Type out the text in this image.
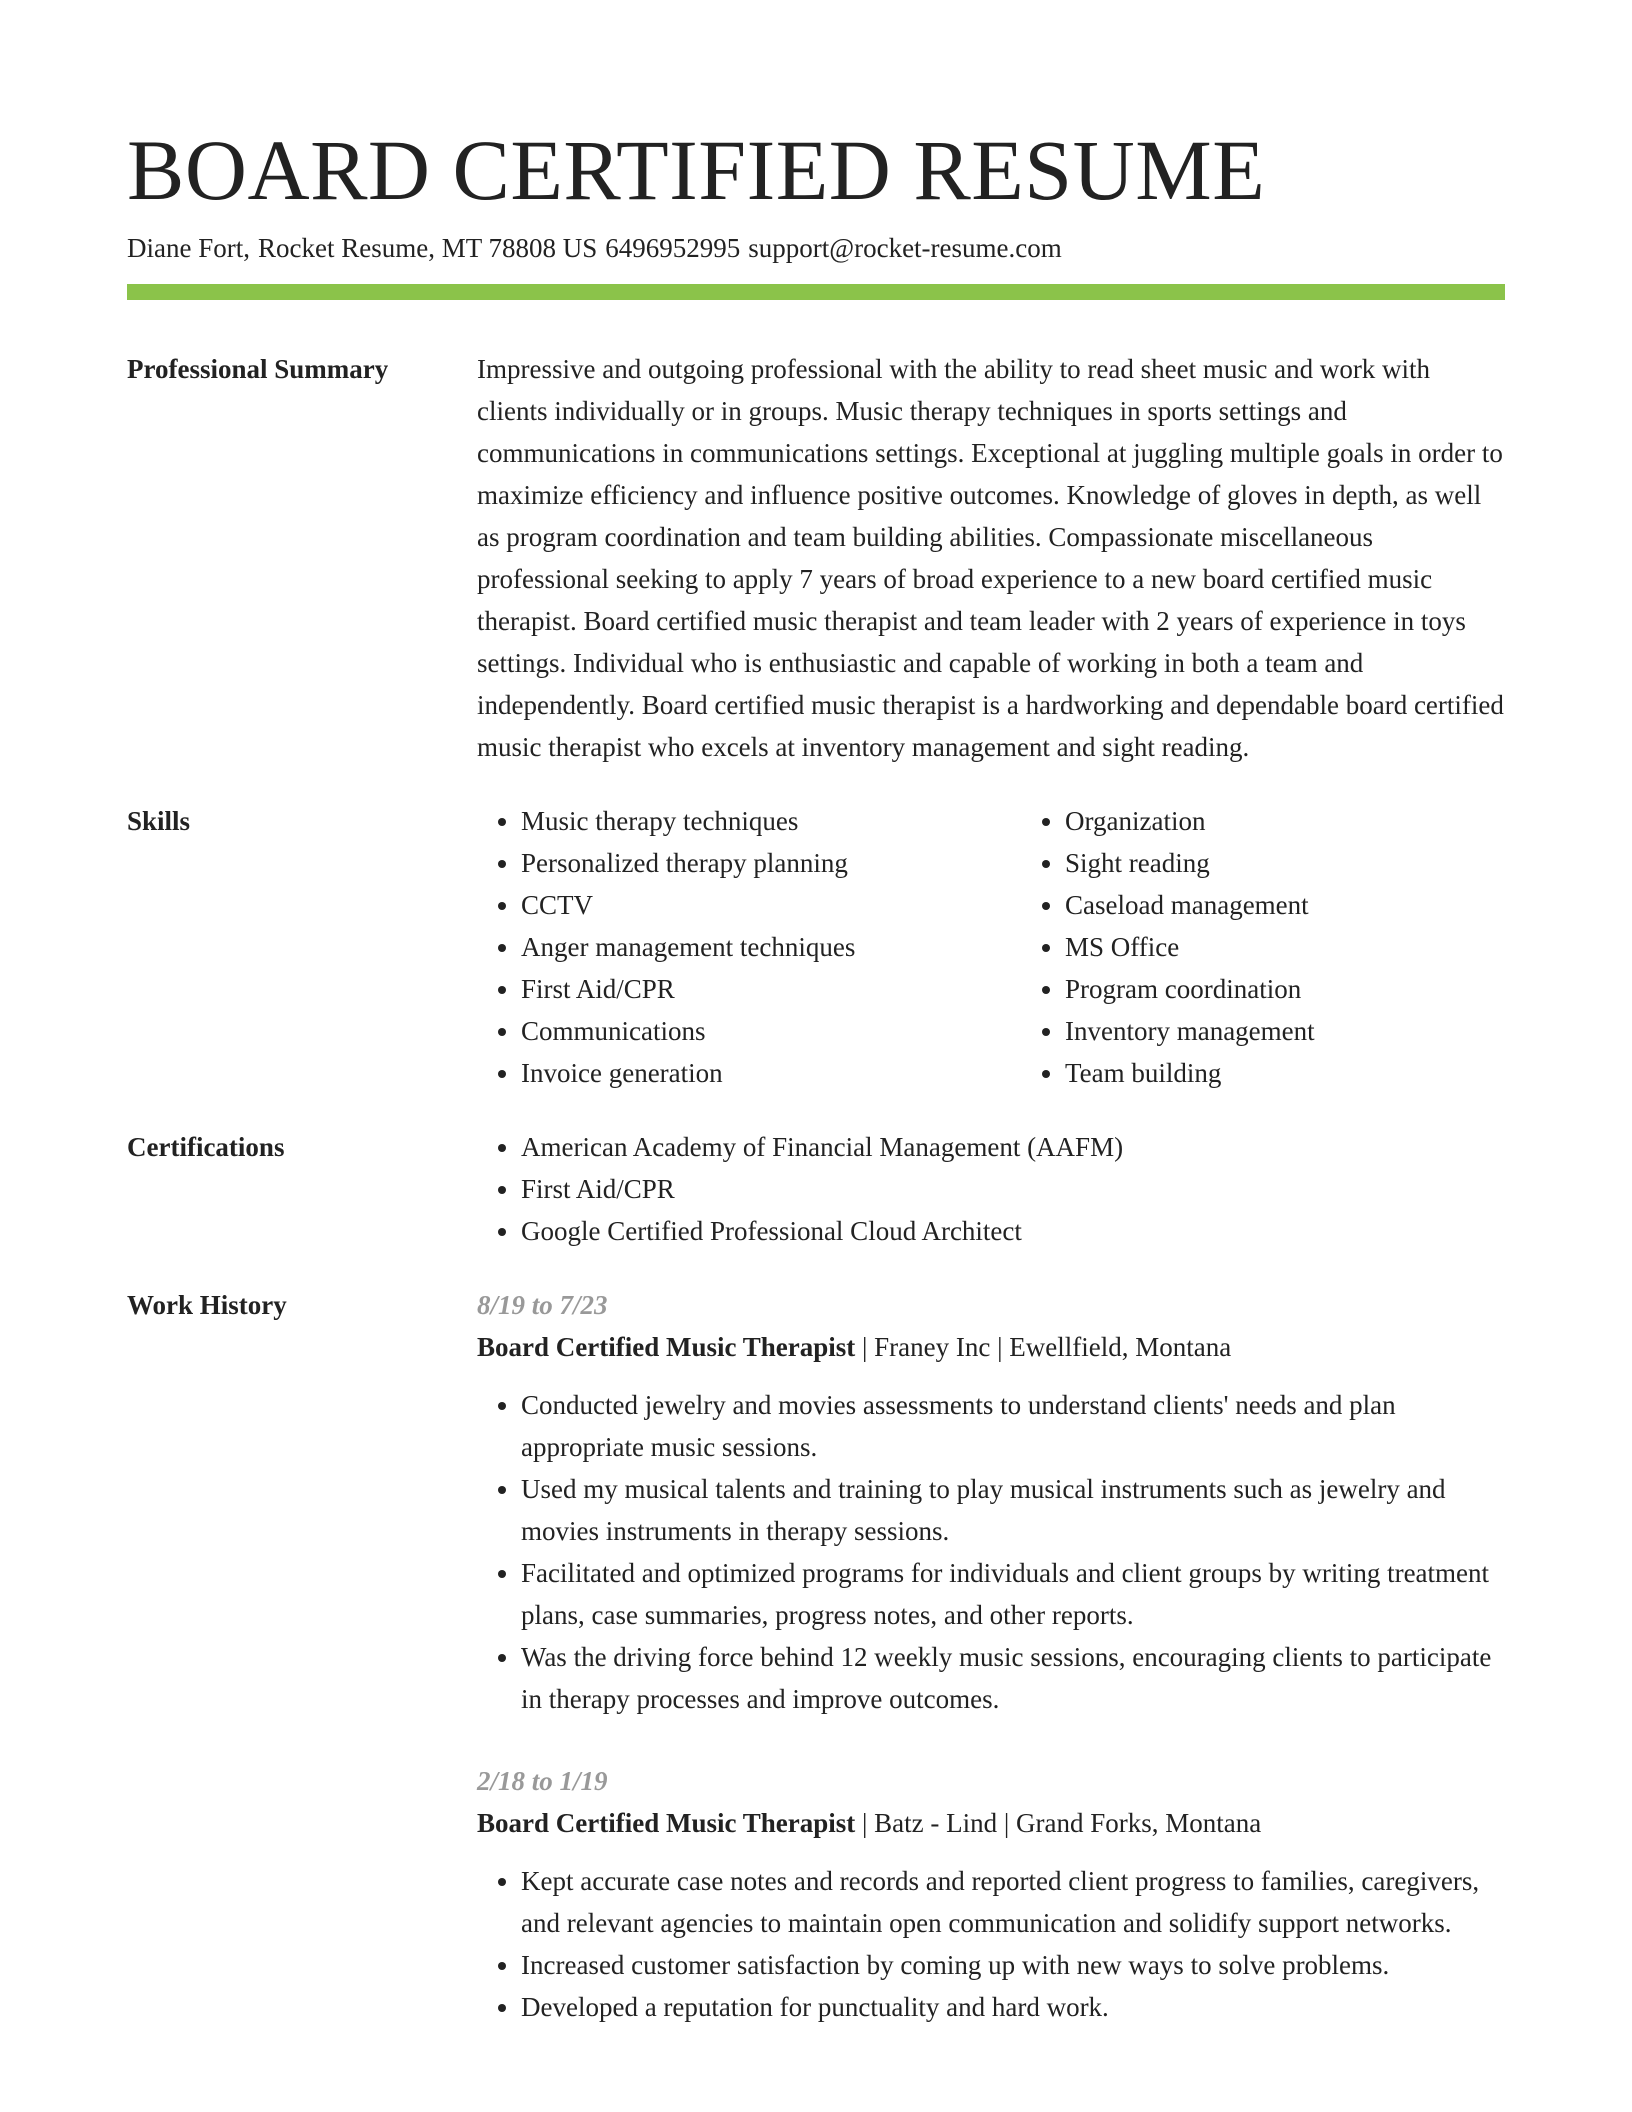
BOARD CERTIFIED RESUME
Diane Fort, Rocket Resume, MT 78808 US 6496952995 support@rocket-resume.com
Professional Summary	Impressive and outgoing professional with the ability to read sheet music and work with clients individually or in groups. Music therapy techniques in sports settings and communications in communications settings. Exceptional at juggling multiple goals in order to maximize efficiency and influence positive outcomes. Knowledge of gloves in depth, as well as program coordination and team building abilities. Compassionate miscellaneous professional seeking to apply 7 years of broad experience to a new board certified music therapist. Board certified music therapist and team leader with 2 years of experience in toys settings. Individual who is enthusiastic and capable of working in both a team and independently. Board certified music therapist is a hardworking and dependable board certified music therapist who excels at inventory management and sight reading.

Skills	• Music therapy techniques
• Personalized therapy planning
• CCTV
• Anger management techniques
• First Aid/CPR
• Communications
• Invoice generation
• Organization
• Sight reading
• Caseload management
• MS Office
• Program coordination
• Inventory management
• Team building
Certifications	• American Academy of Financial Management (AAFM)
• First Aid/CPR
• Google Certified Professional Cloud Architect
Work History	8/19 to 7/23
Board Certified Music Therapist | Franey Inc | Ewellfield, Montana
• Conducted jewelry and movies assessments to understand clients' needs and plan appropriate music sessions.
• Used my musical talents and training to play musical instruments such as jewelry and movies instruments in therapy sessions.
• Facilitated and optimized programs for individuals and client groups by writing treatment plans, case summaries, progress notes, and other reports.
• Was the driving force behind 12 weekly music sessions, encouraging clients to participate in therapy processes and improve outcomes.
2/18 to 1/19
Board Certified Music Therapist | Batz - Lind | Grand Forks, Montana
• Kept accurate case notes and records and reported client progress to families, caregivers, and relevant agencies to maintain open communication and solidify support networks.
• Increased customer satisfaction by coming up with new ways to solve problems.
• Developed a reputation for punctuality and hard work.
